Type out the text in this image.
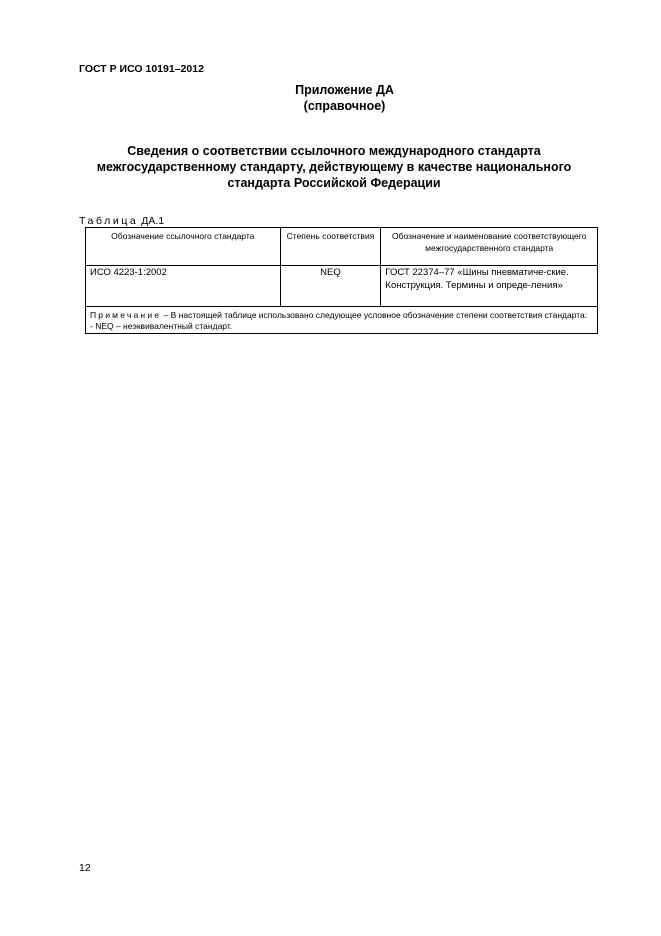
ГОСТ Р ИСО 10191–2012
Приложение ДА
(справочное)
Сведения о соответствии ссылочного международного стандарта
межгосударственному стандарту, действующему в качестве национального
стандарта Российской Федерации
Таблица ДА.1
Обозначение ссылочного стандарта	Степень соответствия	Обозначение и наименование соответствующего межгосударственного стандарта
ИСО 4223-1:2002	NEQ	ГОСТ 22374–77 «Шины пневматиче-ские. Конструкция. Термины и опреде-ления»
Примечание – В настоящей таблице использовано следующее условное обозначение степени соответствия стандарта:
- NEQ – неэквивалентный стандарт.		
12
